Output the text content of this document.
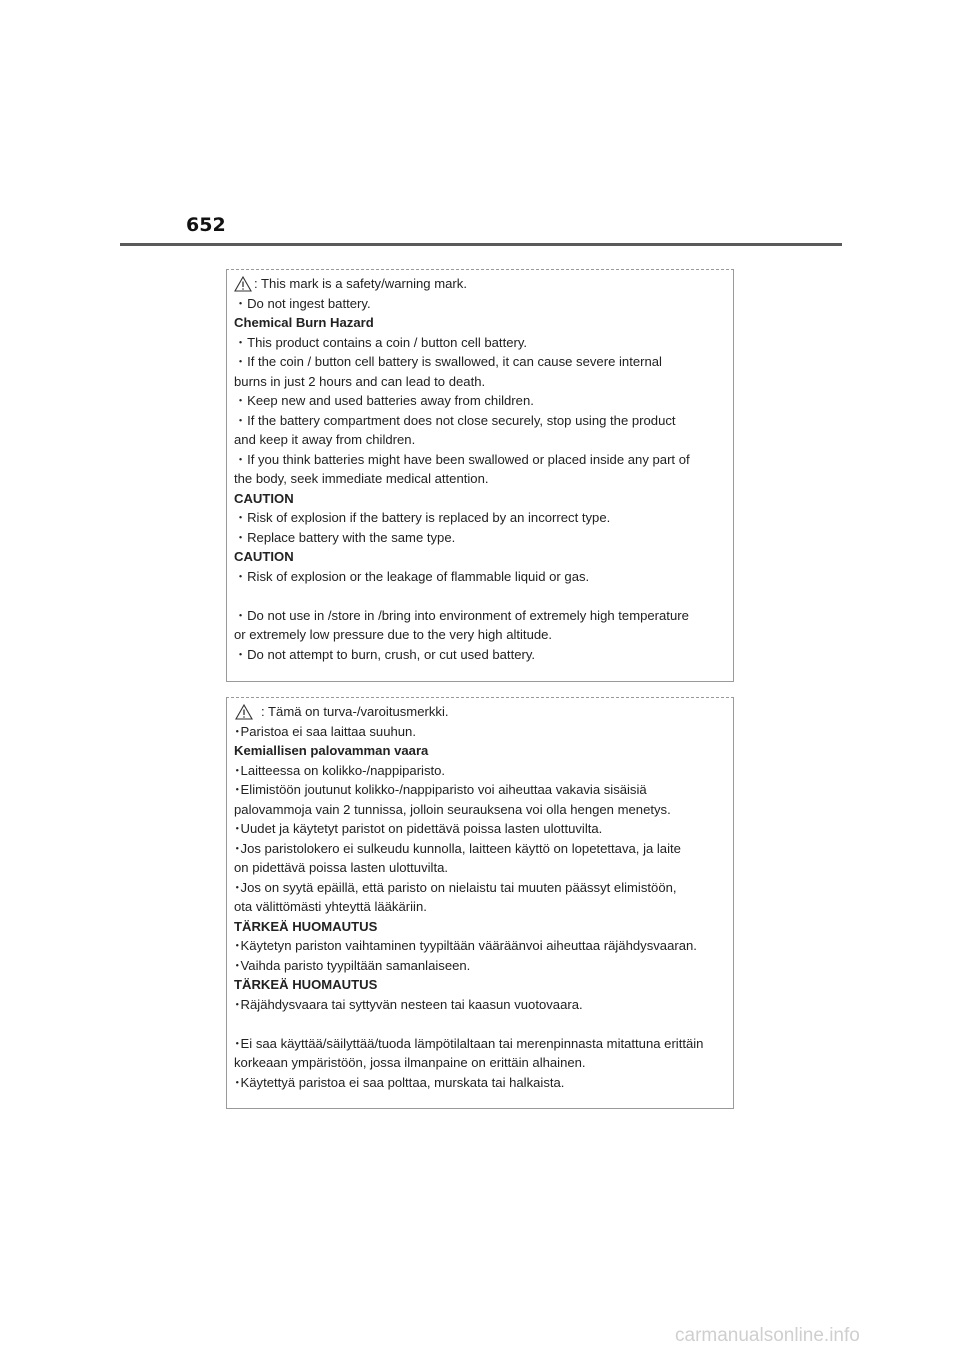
652
: This mark is a safety/warning mark.
・Do not ingest battery.
Chemical Burn Hazard
・This product contains a coin / button cell battery.
・If the coin / button cell battery is swallowed, it can cause severe internal
burns in just 2 hours and can lead to death.
・Keep new and used batteries away from children.
・If the battery compartment does not close securely, stop using the product
and keep it away from children.
・If you think batteries might have been swallowed or placed inside any part of
the body, seek immediate medical attention.
CAUTION
・Risk of explosion if the battery is replaced by an incorrect type.
・Replace battery with the same type.
CAUTION
・Risk of explosion or the leakage of flammable liquid or gas.
・Do not use in /store in /bring into environment of extremely high temperature
or extremely low pressure due to the very high altitude.
・Do not attempt to burn, crush, or cut used battery.
: Tämä on turva-/varoitusmerkki.
･Paristoa ei saa laittaa suuhun.
Kemiallisen palovamman vaara
･Laitteessa on kolikko-/nappiparisto.
･Elimistöön joutunut kolikko-/nappiparisto voi aiheuttaa vakavia sisäisiä
palovammoja vain 2 tunnissa, jolloin seurauksena voi olla hengen menetys.
･Uudet ja käytetyt paristot on pidettävä poissa lasten ulottuvilta.
･Jos paristolokero ei sulkeudu kunnolla, laitteen käyttö on lopetettava, ja laite
on pidettävä poissa lasten ulottuvilta.
･Jos on syytä epäillä, että paristo on nielaistu tai muuten päässyt elimistöön,
ota välittömästi yhteyttä lääkäriin.
TÄRKEÄ HUOMAUTUS
･Käytetyn pariston vaihtaminen tyypiltään vääräänvoi aiheuttaa räjähdysvaaran.
･Vaihda paristo tyypiltään samanlaiseen.
TÄRKEÄ HUOMAUTUS
･Räjähdysvaara tai syttyvän nesteen tai kaasun vuotovaara.
･Ei saa käyttää/säilyttää/tuoda lämpötilaltaan tai merenpinnasta mitattuna erittäin
korkeaan ympäristöön, jossa ilmanpaine on erittäin alhainen.
･Käytettyä paristoa ei saa polttaa, murskata tai halkaista.
carmanualsonline.info
